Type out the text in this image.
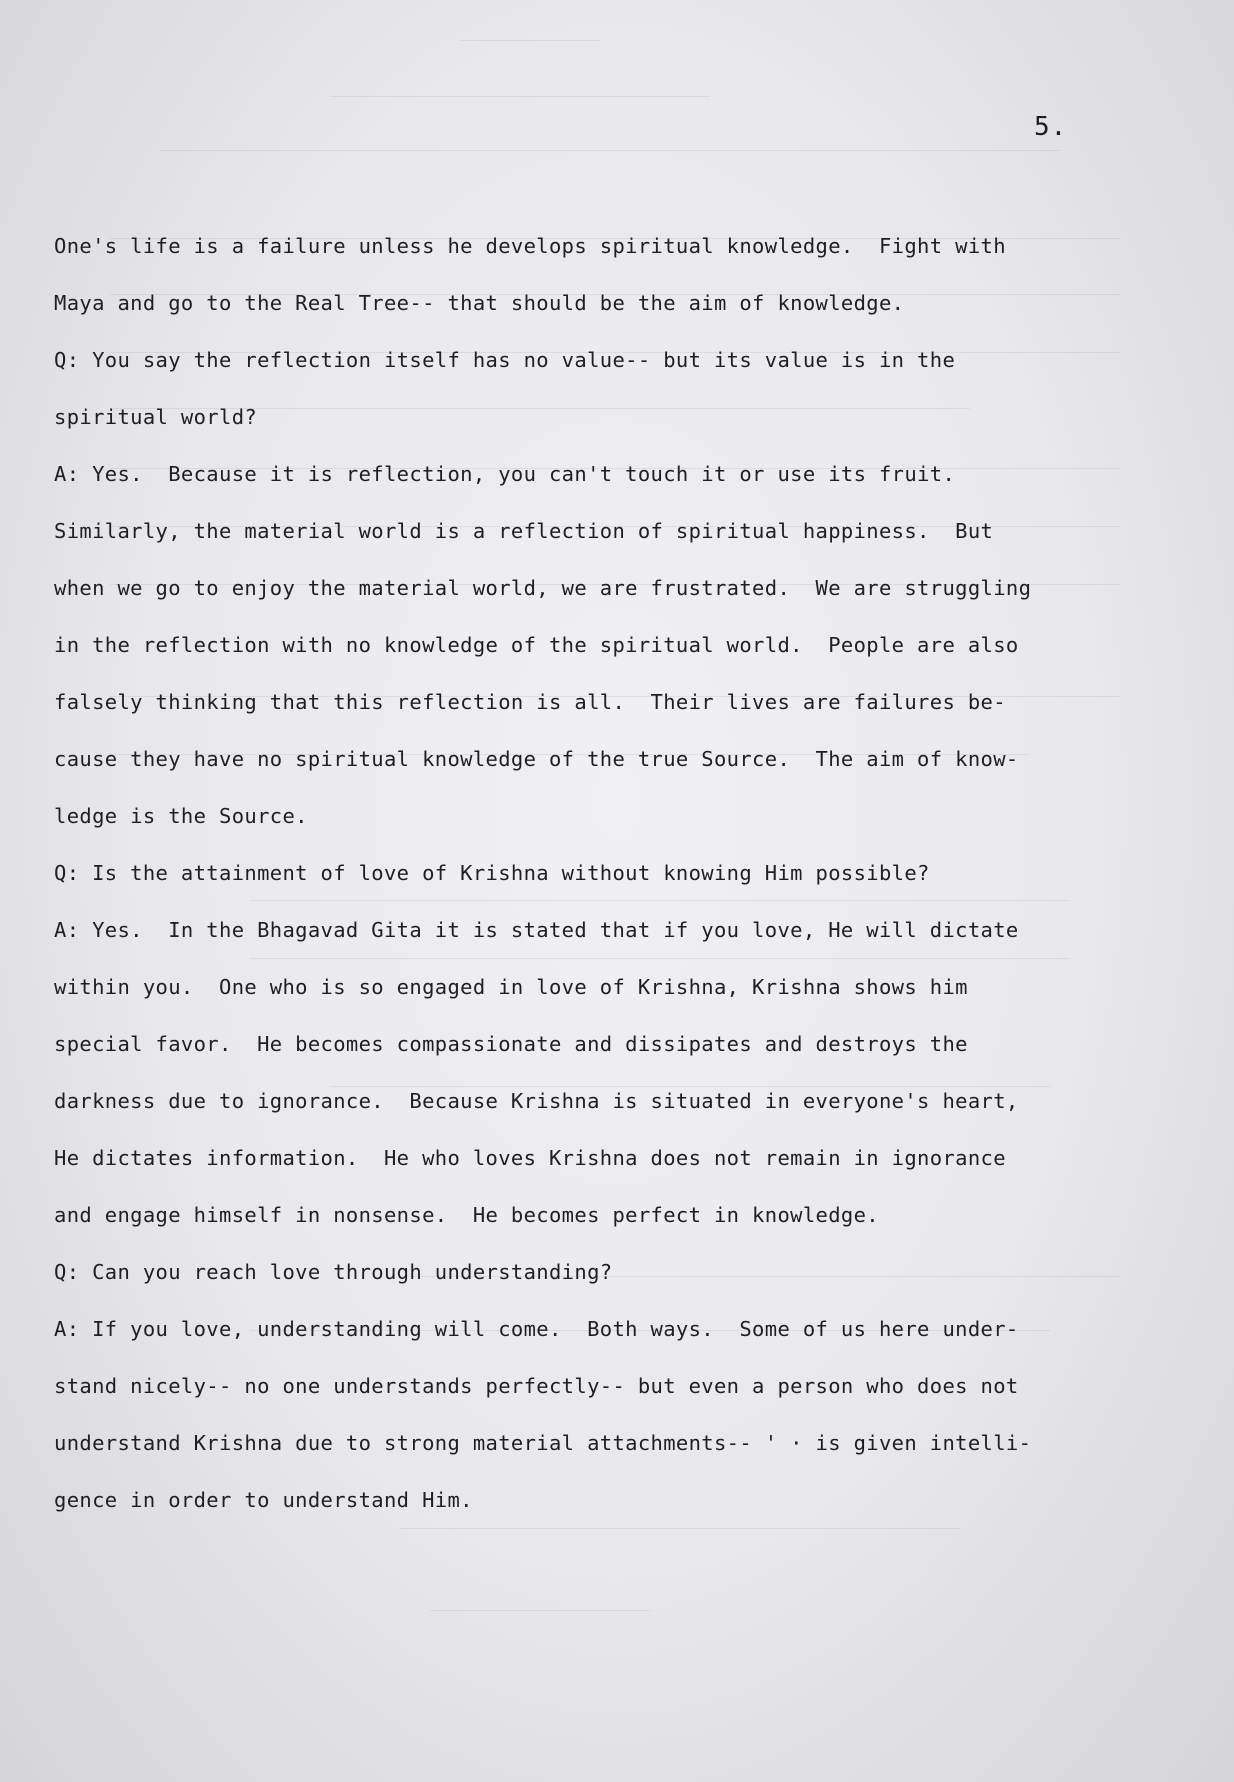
5.
One's life is a failure unless he develops spiritual knowledge.  Fight with
Maya and go to the Real Tree-- that should be the aim of knowledge.
Q: You say the reflection itself has no value-- but its value is in the
spiritual world?
A: Yes.  Because it is reflection, you can't touch it or use its fruit.
Similarly, the material world is a reflection of spiritual happiness.  But
when we go to enjoy the material world, we are frustrated.  We are struggling
in the reflection with no knowledge of the spiritual world.  People are also
falsely thinking that this reflection is all.  Their lives are failures be-
cause they have no spiritual knowledge of the true Source.  The aim of know-
ledge is the Source.
Q: Is the attainment of love of Krishna without knowing Him possible?
A: Yes.  In the Bhagavad Gita it is stated that if you love, He will dictate
within you.  One who is so engaged in love of Krishna, Krishna shows him
special favor.  He becomes compassionate and dissipates and destroys the
darkness due to ignorance.  Because Krishna is situated in everyone's heart,
He dictates information.  He who loves Krishna does not remain in ignorance
and engage himself in nonsense.  He becomes perfect in knowledge.
Q: Can you reach love through understanding?
A: If you love, understanding will come.  Both ways.  Some of us here under-
stand nicely-- no one understands perfectly-- but even a person who does not
understand Krishna due to strong material attachments-- ' · is given intelli-
gence in order to understand Him.
